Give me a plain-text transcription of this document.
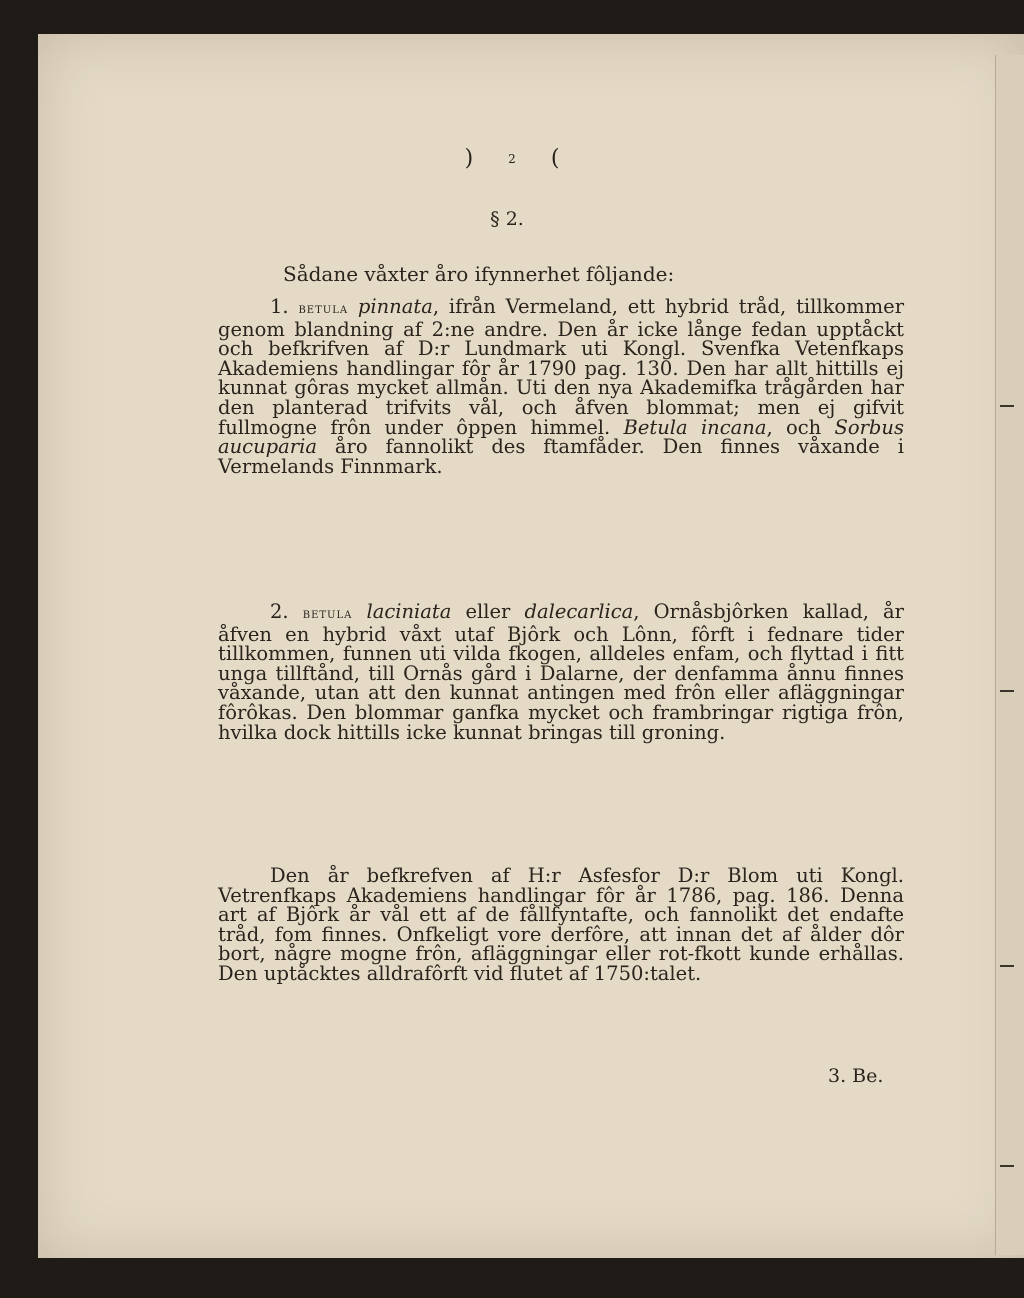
)	2 (
§ 2.
Sådane våxter åro ifynnerhet fôljande:

1. betula pinnata, ifrån Vermeland, ett hybrid tråd, tillkommer genom blandning af 2:ne andre. Den år icke långe fedan upptåckt och befkrifven af D:r Lundmark uti Kongl. Svenfka Vetenfkaps Akademiens handlingar fôr år 1790 pag. 130. Den har allt hittills ej kunnat gôras mycket allmån. Uti den nya Akademifka trågården har den planterad trifvits vål, och åfven blommat; men ej gifvit fullmogne frôn under ôppen himmel. Betula incana, och Sorbus aucuparia åro fannolikt des ftamfåder. Den finnes våxande i Vermelands Finnmark.

2. betula laciniata eller dalecarlica, Ornåsbjôrken kallad, år åfven en hybrid våxt utaf Bjôrk och Lônn, fôrft i fednare tider tillkommen, funnen uti vilda fkogen, alldeles enfam, och flyttad i fitt unga tillftånd, till Ornås gård i Dalarne, der denfamma ånnu finnes våxande, utan att den kunnat antingen med frôn eller afläggningar fôrôkas. Den blommar ganfka mycket och frambringar rigtiga frôn, hvilka dock hittills icke kunnat bringas till groning.

Den år befkrefven af H:r Asfesfor D:r Blom uti Kongl. Vetrenfkaps Akademiens handlingar fôr år 1786, pag. 186. Denna art af Bjôrk år vål ett af de fållfyntafte, och fannolikt det endafte tråd, fom finnes. Onfkeligt vore derfôre, att innan det af ålder dôr bort, någre mogne frôn, afläggningar eller rot-fkott kunde erhållas. Den uptåcktes alldrafôrft vid flutet af 1750:talet.

3. Be.
